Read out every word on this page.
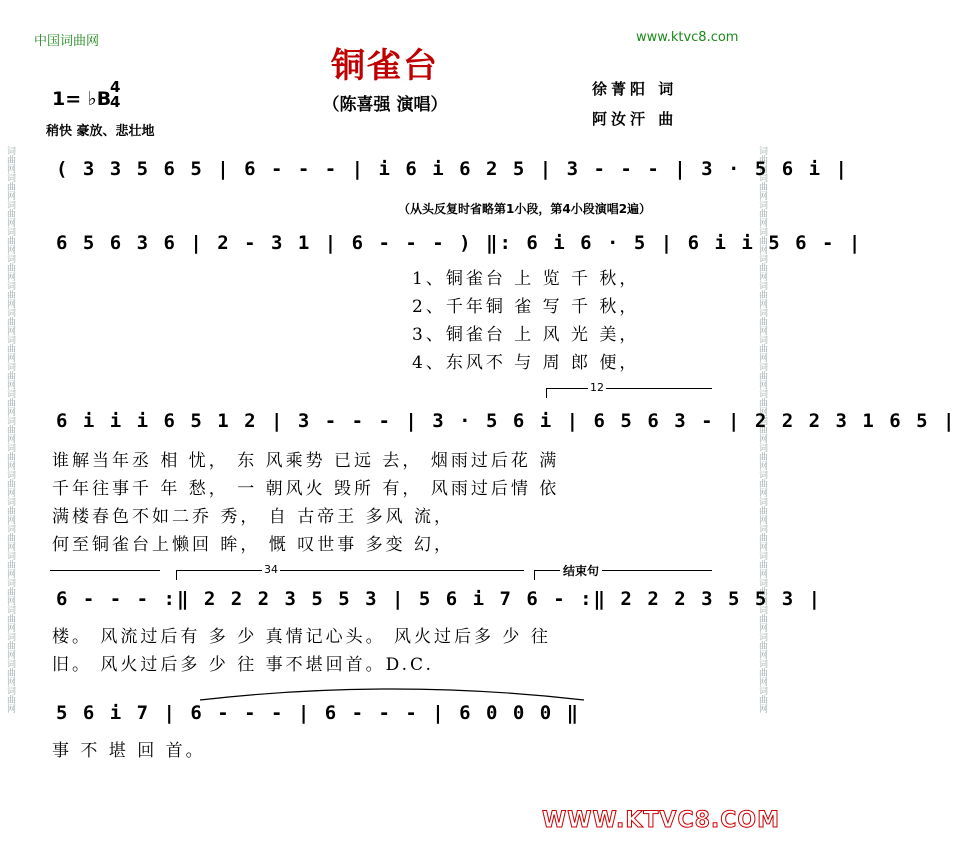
词曲网词曲网词曲网词曲网词曲网词曲网词曲网词曲网词曲网词曲网词曲网词曲网词曲网词曲网词曲网词曲网词曲网词曲网词曲网词曲网词曲网	词曲网词曲网词曲网词曲网词曲网词曲网词曲网词曲网词曲网词曲网词曲网词曲网词曲网词曲网词曲网词曲网词曲网词曲网词曲网词曲网词曲网
中国词曲网	www.ktvc8.com
铜雀台
（陈喜强 演唱）
1= ♭B
4
4
稍快 豪放、悲壮地
徐菁阳 词
阿汝汗 曲
( 3 3 5 6 5 | 6 - - - | i 6 i 6 2 5 | 3 - - - | 3 · 5 6 i |
（从头反复时省略第1小段，第4小段演唱2遍）
6 5 6 3 6 | 2 - 3 1 | 6 - - - ) ‖: 6 i 6 · 5 | 6 i i 5 6 - |
1、铜雀台 上 览 千 秋，
2、千年铜 雀 写 千 秋，
3、铜雀台 上 风 光 美，
4、东风不 与 周 郎 便，
12
6 i i i 6 5 1 2 | 3 - - - | 3 · 5 6 i | 6 5 6 3 - | 2 2 2 3 1 6 5 |
谁解当年丞 相 忧， 东 风乘势 已远 去， 烟雨过后花 满
千年往事千 年 愁， 一 朝风火 毁所 有， 风雨过后情 依
满楼春色不如二乔 秀， 自 古帝王 多风 流，
何至铜雀台上懒回 眸， 慨 叹世事 多变 幻，
34	结束句
6 - - - :‖ 2 2 2 3 5 5 3 | 5 6 i 7 6 - :‖ 2 2 2 3 5 5 3 |
楼。 风流过后有 多 少 真情记心头。 风火过后多 少 往
旧。 风火过后多 少 往 事不堪回首。D.C.
5 6 i 7 | 6 - - - | 6 - - - | 6 0 0 0 ‖
事 不 堪 回 首。
WWW.KTVC8.COM
